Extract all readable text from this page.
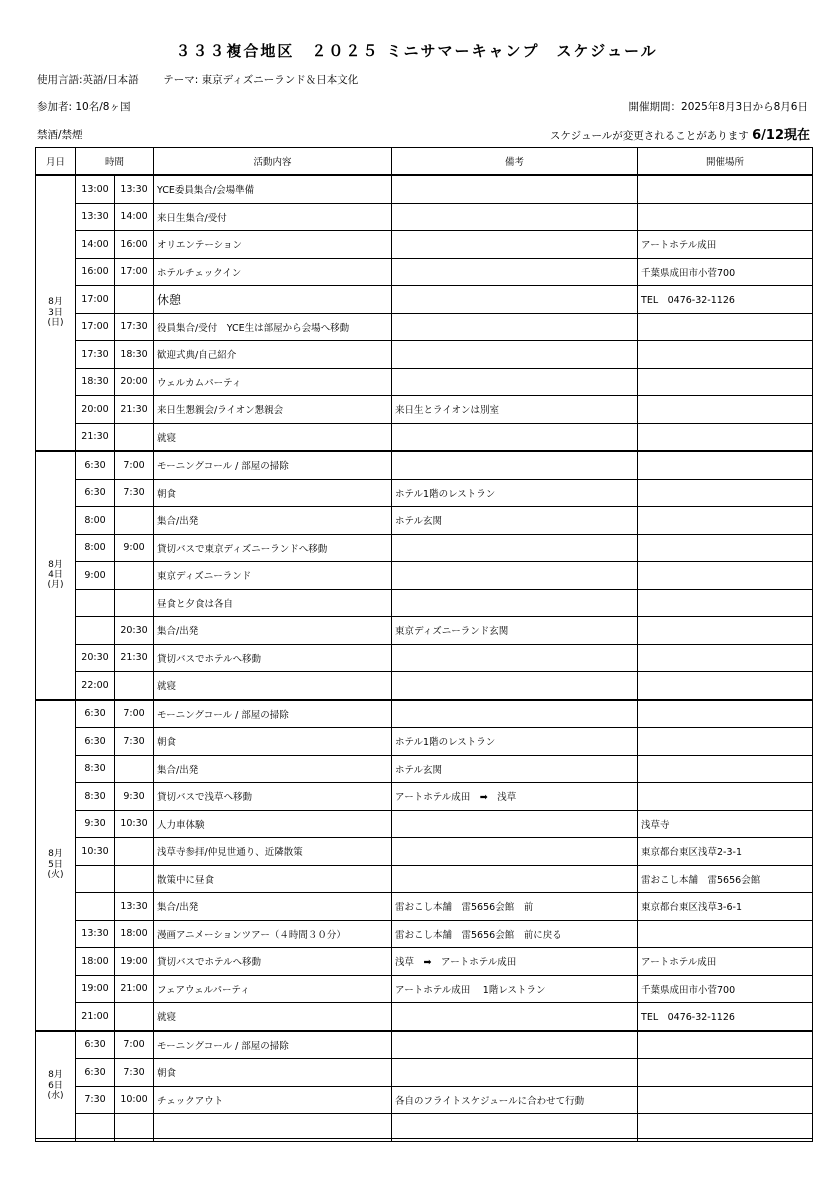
３３３複合地区　２０２５ ミニサマーキャンプ　スケジュール
使用言語:英語/日本語 テーマ: 東京ディズニーランド＆日本文化
参加者: 10名/8ヶ国	開催期間：2025年8月3日から8月6日
禁酒/禁煙	スケジュールが変更されることがあります 6/12現在
月日	時間		活動内容	備考	開催場所
8月
3日
(日)	13:00	13:30	YCE委員集合/会場準備		
	13:30	14:00	来日生集合/受付		
	14:00	16:00	オリエンテーション		アートホテル成田
	16:00	17:00	ホテルチェックイン		千葉県成田市小菅700
	17:00		休憩		TEL　0476-32-1126
	17:00	17:30	役員集合/受付　YCE生は部屋から会場へ移動		
	17:30	18:30	歓迎式典/自己紹介		
	18:30	20:00	ウェルカムパーティ		
	20:00	21:30	来日生懇親会/ライオン懇親会	来日生とライオンは別室	
	21:30		就寝		
8月
4日
(月)	6:30	7:00	モーニングコール / 部屋の掃除		
	6:30	7:30	朝食	ホテル1階のレストラン	
	8:00		集合/出発	ホテル玄関	
	8:00	9:00	貸切バスで東京ディズニーランドへ移動		
	9:00		東京ディズニーランド		
			昼食と夕食は各自		
		20:30	集合/出発	東京ディズニーランド玄関	
	20:30	21:30	貸切バスでホテルへ移動		
	22:00		就寝		
8月
5日
(火)	6:30	7:00	モーニングコール / 部屋の掃除		
	6:30	7:30	朝食	ホテル1階のレストラン	
	8:30		集合/出発	ホテル玄関	
	8:30	9:30	貸切バスで浅草へ移動	アートホテル成田　➡　浅草	
	9:30	10:30	人力車体験		浅草寺
	10:30		浅草寺参拝/仲見世通り、近隣散策		東京都台東区浅草2-3-1
			散策中に昼食		雷おこし本舗　雷5656会館
		13:30	集合/出発	雷おこし本舗　雷5656会館　前	東京都台東区浅草3-6-1
	13:30	18:00	漫画アニメーションツアー（４時間３０分）	雷おこし本舗　雷5656会館　前に戻る	
	18:00	19:00	貸切バスでホテルへ移動	浅草　➡　アートホテル成田	アートホテル成田
	19:00	21:00	フェアウェルパーティ	アートホテル成田　 1階レストラン	千葉県成田市小菅700
	21:00		就寝		TEL　0476-32-1126
8月
6日
(水)	6:30	7:00	モーニングコール / 部屋の掃除		
	6:30	7:30	朝食		
	7:30	10:00	チェックアウト	各自のフライトスケジュールに合わせて行動	
